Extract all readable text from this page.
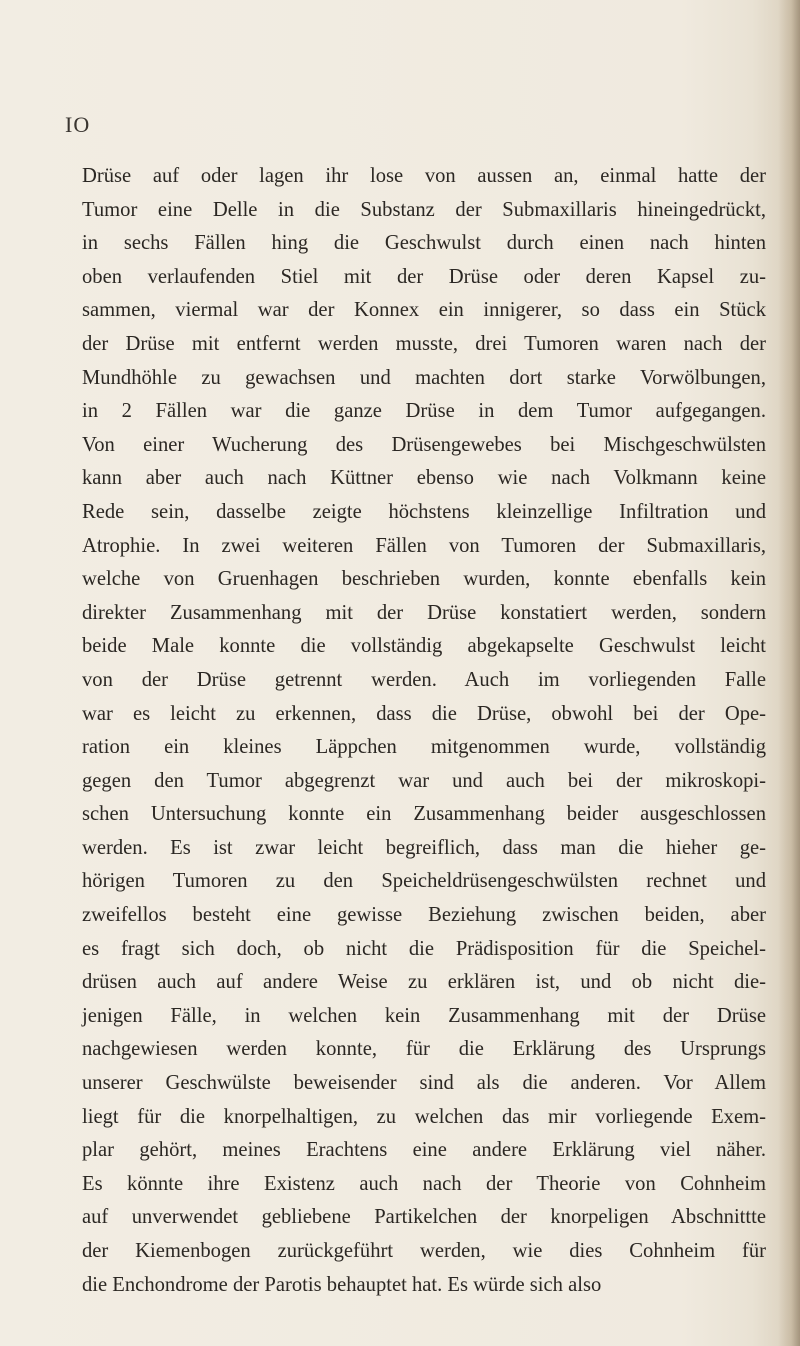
IO
Drüse auf oder lagen ihr lose von aussen an, einmal hatte der
Tumor eine Delle in die Substanz der Submaxillaris hineingedrückt,
in sechs Fällen hing die Geschwulst durch einen nach hinten
oben verlaufenden Stiel mit der Drüse oder deren Kapsel zu-
sammen, viermal war der Konnex ein innigerer, so dass ein Stück
der Drüse mit entfernt werden musste, drei Tumoren waren nach der
Mundhöhle zu gewachsen und machten dort starke Vorwölbungen,
in 2 Fällen war die ganze Drüse in dem Tumor aufgegangen.
Von einer Wucherung des Drüsengewebes bei Mischgeschwülsten
kann aber auch nach Küttner ebenso wie nach Volkmann keine
Rede sein, dasselbe zeigte höchstens kleinzellige Infiltration und
Atrophie. In zwei weiteren Fällen von Tumoren der Submaxillaris,
welche von Gruenhagen beschrieben wurden, konnte ebenfalls kein
direkter Zusammenhang mit der Drüse konstatiert werden, sondern
beide Male konnte die vollständig abgekapselte Geschwulst leicht
von der Drüse getrennt werden. Auch im vorliegenden Falle
war es leicht zu erkennen, dass die Drüse, obwohl bei der Ope-
ration ein kleines Läppchen mitgenommen wurde, vollständig
gegen den Tumor abgegrenzt war und auch bei der mikroskopi-
schen Untersuchung konnte ein Zusammenhang beider ausgeschlossen
werden. Es ist zwar leicht begreiflich, dass man die hieher ge-
hörigen Tumoren zu den Speicheldrüsengeschwülsten rechnet und
zweifellos besteht eine gewisse Beziehung zwischen beiden, aber
es fragt sich doch, ob nicht die Prädisposition für die Speichel-
drüsen auch auf andere Weise zu erklären ist, und ob nicht die-
jenigen Fälle, in welchen kein Zusammenhang mit der Drüse
nachgewiesen werden konnte, für die Erklärung des Ursprungs
unserer Geschwülste beweisender sind als die anderen. Vor Allem
liegt für die knorpelhaltigen, zu welchen das mir vorliegende Exem-
plar gehört, meines Erachtens eine andere Erklärung viel näher.
Es könnte ihre Existenz auch nach der Theorie von Cohnheim
auf unverwendet gebliebene Partikelchen der knorpeligen Abschnittte
der Kiemenbogen zurückgeführt werden, wie dies Cohnheim für
die Enchondrome der Parotis behauptet hat. Es würde sich also
